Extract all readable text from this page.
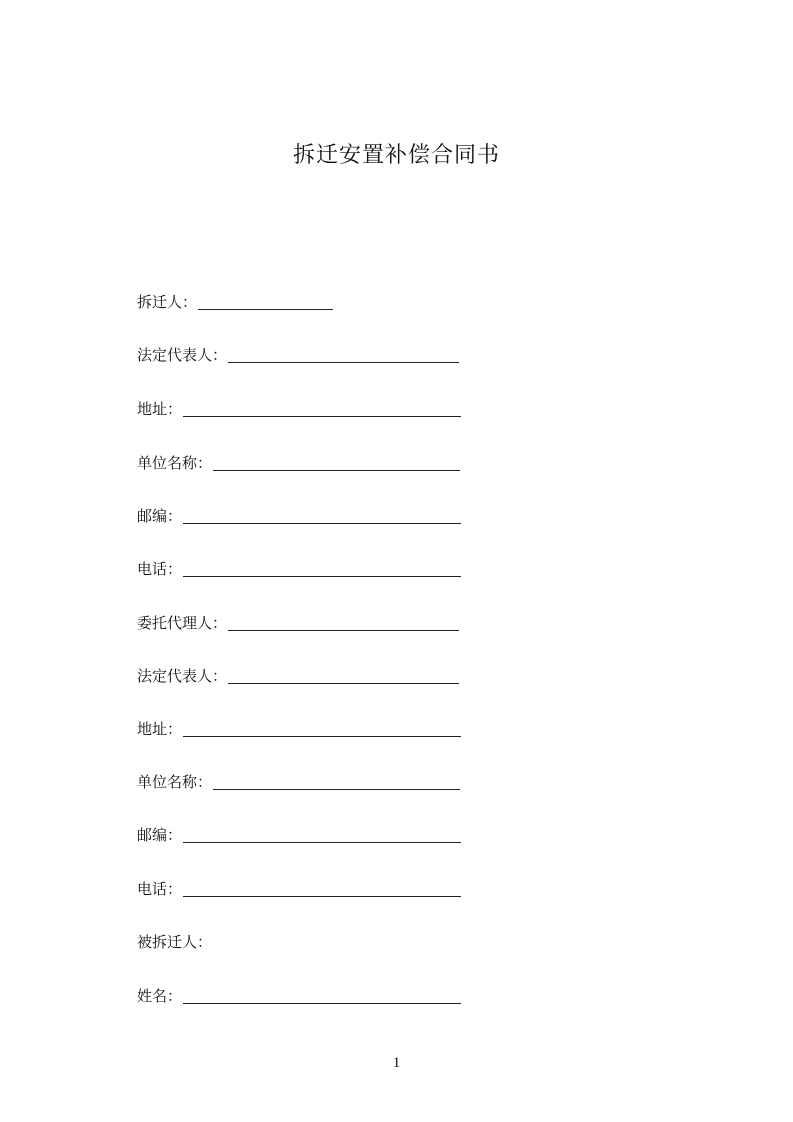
拆迁安置补偿合同书
拆迁人：
法定代表人：
地址：
单位名称：
邮编：
电话：
委托代理人：
法定代表人：
地址：
单位名称：
邮编：
电话：
被拆迁人：
姓名：
1
